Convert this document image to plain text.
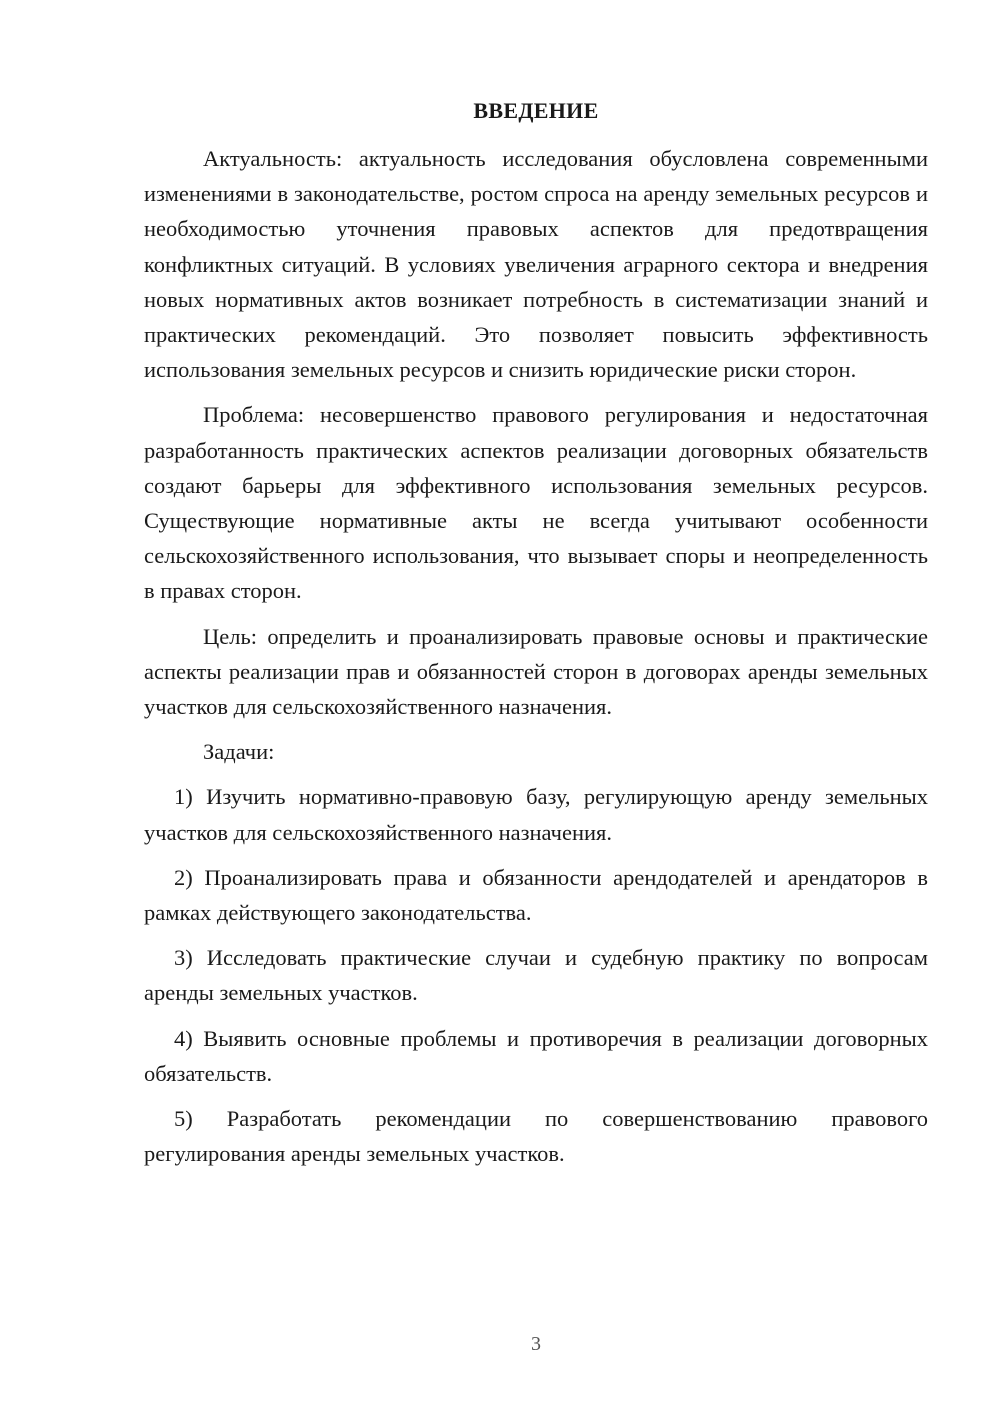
ВВЕДЕНИЕ

Актуальность: актуальность исследования обусловлена современными изменениями в законодательстве, ростом спроса на аренду земельных ресурсов и необходимостью уточнения правовых аспектов для предотвращения конфликтных ситуаций. В условиях увеличения аграрного сектора и внедрения новых нормативных актов возникает потребность в систематизации знаний и практических рекомендаций. Это позволяет повысить эффективность использования земельных ресурсов и снизить юридические риски сторон.

Проблема: несовершенство правового регулирования и недостаточная разработанность практических аспектов реализации договорных обязательств создают барьеры для эффективного использования земельных ресурсов. Существующие нормативные акты не всегда учитывают особенности сельскохозяйственного использования, что вызывает споры и неопределенность в правах сторон.

Цель: определить и проанализировать правовые основы и практические аспекты реализации прав и обязанностей сторон в договорах аренды земельных участков для сельскохозяйственного назначения.

Задачи:

1) Изучить нормативно-правовую базу, регулирующую аренду земельных участков для сельскохозяйственного назначения.

2) Проанализировать права и обязанности арендодателей и арендаторов в рамках действующего законодательства.

3) Исследовать практические случаи и судебную практику по вопросам аренды земельных участков.

4) Выявить основные проблемы и противоречия в реализации договорных обязательств.

5) Разработать рекомендации по совершенствованию правового регулирования аренды земельных участков.

3
